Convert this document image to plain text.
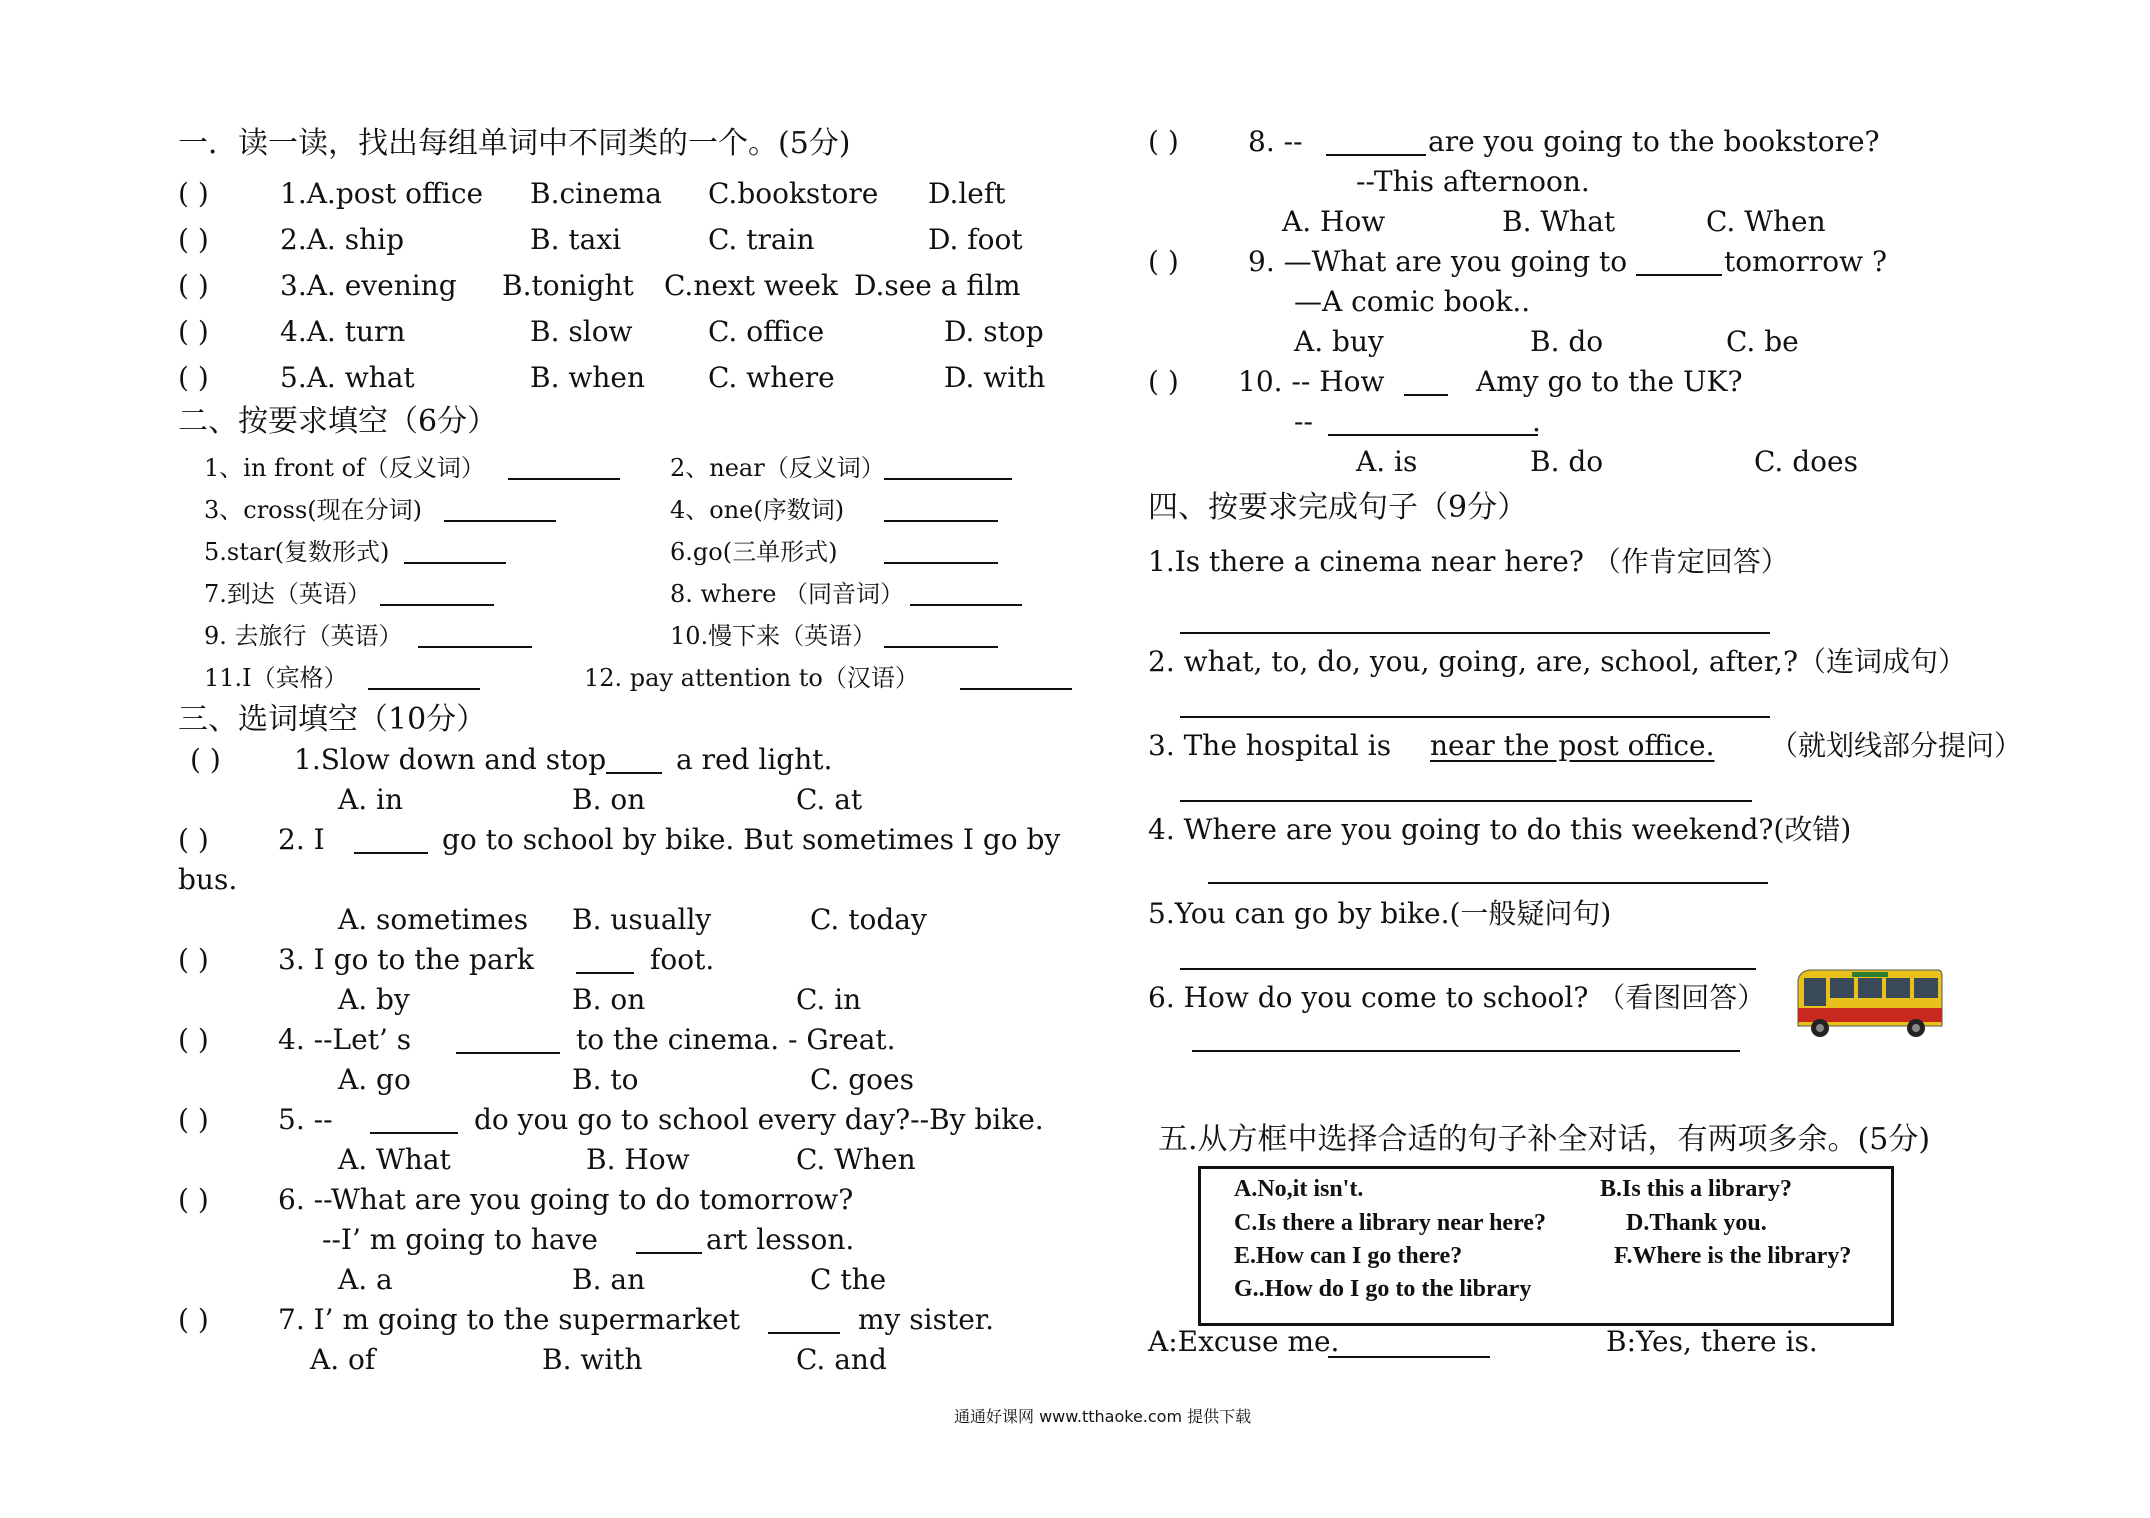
一．读一读，找出每组单词中不同类的一个。(5分)
( )	1.A.post office B.cinema C.bookstore D.left
( )	2.A. ship	B. taxi	C. train	D. foot
( )	3.A. evening B.tonight C.next week D.see a film
( )	4.A. turn	B. slow	C. office	D. stop
( )	5.A. what	B. when C. where	D. with
二、按要求填空（6分）
1、in front of（反义词）	2、near（反义词）
3、cross(现在分词)	4、one(序数词)
5.star(复数形式)	6.go(三单形式)
7.到达（英语）	8. where （同音词）
9. 去旅行（英语）	10.慢下来（英语）
11.I（宾格）	12. pay attention to（汉语）
三、选词填空（10分）
( )	1.Slow down and stop a red light.
A. in	B. on	C. at
( ) 2. I	go to school by bike. But sometimes I go by
bus.
A. sometimes B. usually	C. today
( ) 3. I go to the park	foot.
A. by	B. on	C. in
( ) 4. --Let’ s	to the cinema. - Great.
A. go	B. to	C. goes
( ) 5. --	do you go to school every day?--By bike.
A. What	B. How	C. When
( ) 6. --What are you going to do tomorrow?
--I’ m going to have	art lesson.
A. a	B. an	C the
( ) 7. I’ m going to the supermarket	my sister.
A. of	B. with	C. and
( ) 8. --	are you going to the bookstore?
--This afternoon.
A. How	B. What	C. When
( ) 9. —What are you going to	tomorrow ?
—A comic book..
A. buy	B. do	C. be
( ) 10. -- How	Amy go to the UK?
--	.
A. is	B. do	C. does
四、按要求完成句子（9分）
1.Is there a cinema near here? （作肯定回答）
2. what, to, do, you, going, are, school, after,?（连词成句）
3. The hospital is near the post office. （就划线部分提问）
4. Where are you going to do this weekend?(改错)
5.You can go by bike.(一般疑问句)
6. How do you come to school? （看图回答）
五.从方框中选择合适的句子补全对话，有两项多余。(5分)
A.No,it isn't.	B.Is this a library?
C.Is there a library near here?	D.Thank you.
E.How can I go there?	F.Where is the library?
G..How do I go to the library
A:Excuse me.	B:Yes, there is.
通通好课网 www.tthaoke.com 提供下载
